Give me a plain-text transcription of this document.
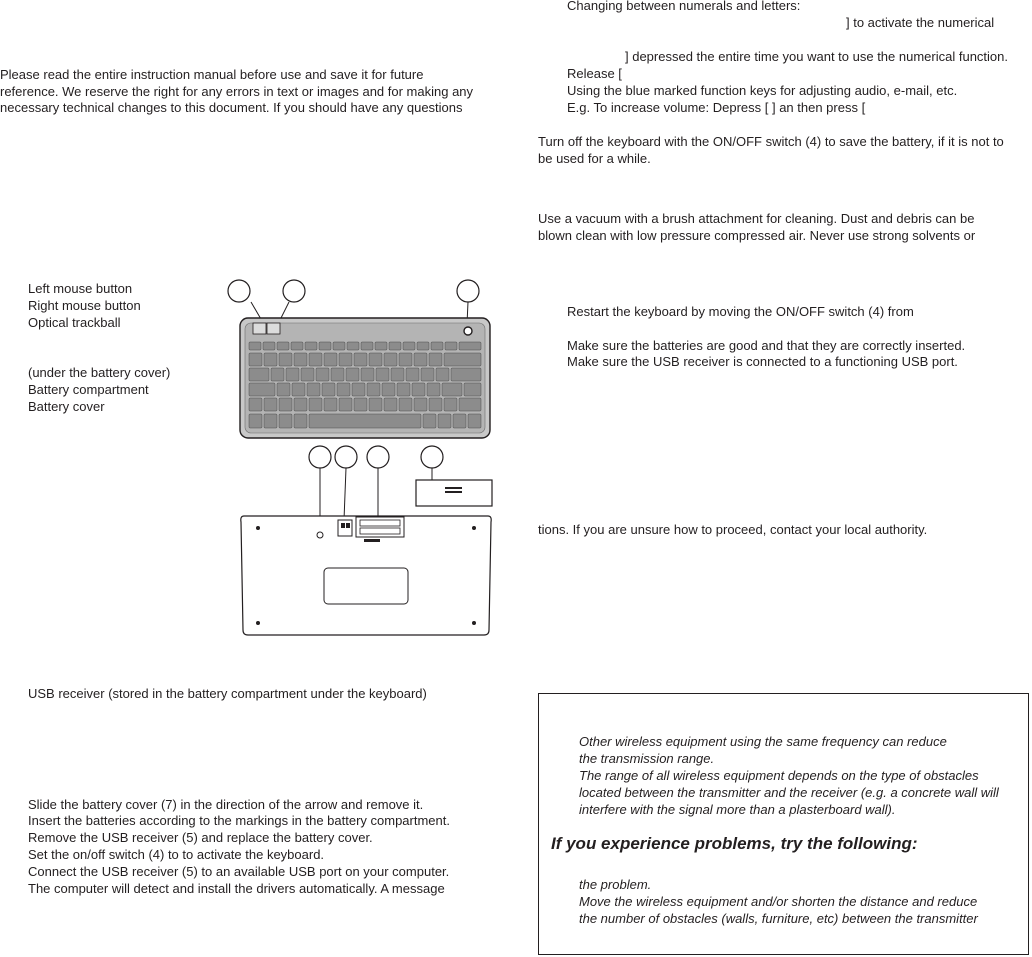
Please read the entire instruction manual before use and save it for future

reference. We reserve the right for any errors in text or images and for making any

necessary technical changes to this document. If you should have any questions

Left mouse button

Right mouse button

Optical trackball

(under the battery cover)

Battery compartment

Battery cover

USB receiver (stored in the battery compartment under the keyboard)

Slide the battery cover (7) in the direction of the arrow and remove it.

Insert the batteries according to the markings in the battery compartment.

Remove the USB receiver (5) and replace the battery cover.

Set the on/off switch (4) to to activate the keyboard.

Connect the USB receiver (5) to an available USB port on your computer.

The computer will detect and install the drivers automatically. A message

Changing between numerals and letters:

] to activate the numerical

] depressed the entire time you want to use the numerical function.

Release [

Using the blue marked function keys for adjusting audio, e-mail, etc.

E.g. To increase volume: Depress [ ] an then press [

Turn off the keyboard with the ON/OFF switch (4) to save the battery, if it is not to

be used for a while.

Use a vacuum with a brush attachment for cleaning. Dust and debris can be

blown clean with low pressure compressed air. Never use strong solvents or

Restart the keyboard by moving the ON/OFF switch (4) from

Make sure the batteries are good and that they are correctly inserted.

Make sure the USB receiver is connected to a functioning USB port.

tions. If you are unsure how to proceed, contact your local authority.

Other wireless equipment using the same frequency can reduce

the transmission range.

The range of all wireless equipment depends on the type of obstacles

located between the transmitter and the receiver (e.g. a concrete wall will

interfere with the signal more than a plasterboard wall).

If you experience problems, try the following:

the problem.

Move the wireless equipment and/or shorten the distance and reduce

the number of obstacles (walls, furniture, etc) between the transmitter
